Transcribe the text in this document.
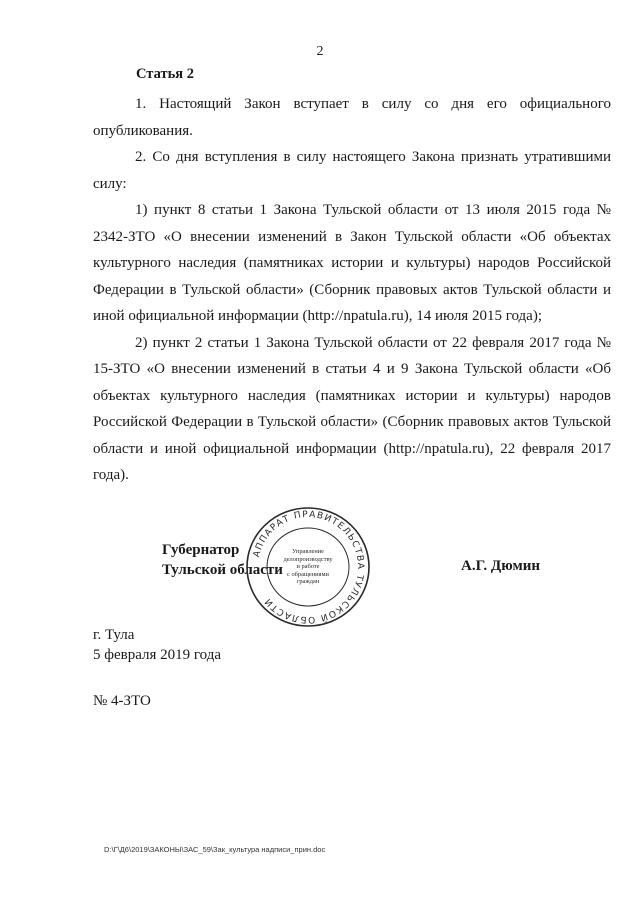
2
Статья 2

1. Настоящий Закон вступает в силу со дня его официального опубликования.

2. Со дня вступления в силу настоящего Закона признать утратившими силу:

1) пункт 8 статьи 1 Закона Тульской области от 13 июля 2015 года № 2342-ЗТО «О внесении изменений в Закон Тульской области «Об объектах культурного наследия (памятниках истории и культуры) народов Российской Федерации в Тульской области» (Сборник правовых актов Тульской области и иной официальной информации (http://npatula.ru), 14 июля 2015 года);

2) пункт 2 статьи 1 Закона Тульской области от 22 февраля 2017 года № 15-ЗТО «О внесении изменений в статьи 4 и 9 Закона Тульской области «Об объектах культурного наследия (памятниках истории и культуры) народов Российской Федерации в Тульской области» (Сборник правовых актов Тульской области и иной официальной информации (http://npatula.ru), 22 февраля 2017 года).

Губернатор
Тульской области
АППАРАТ ПРАВИТЕЛЬСТВА ТУЛЬСКОЙ ОБЛАСТИ
Управление
делопроизводству
и работе
с обращениями
граждан
А.Г. Дюмин
г. Тула
5 февраля 2019 года
№ 4-ЗТО
D:\Г\Д6\2019\ЗАКОНЫ\ЗАС_59\Зак_культура надписи_прин.doc
